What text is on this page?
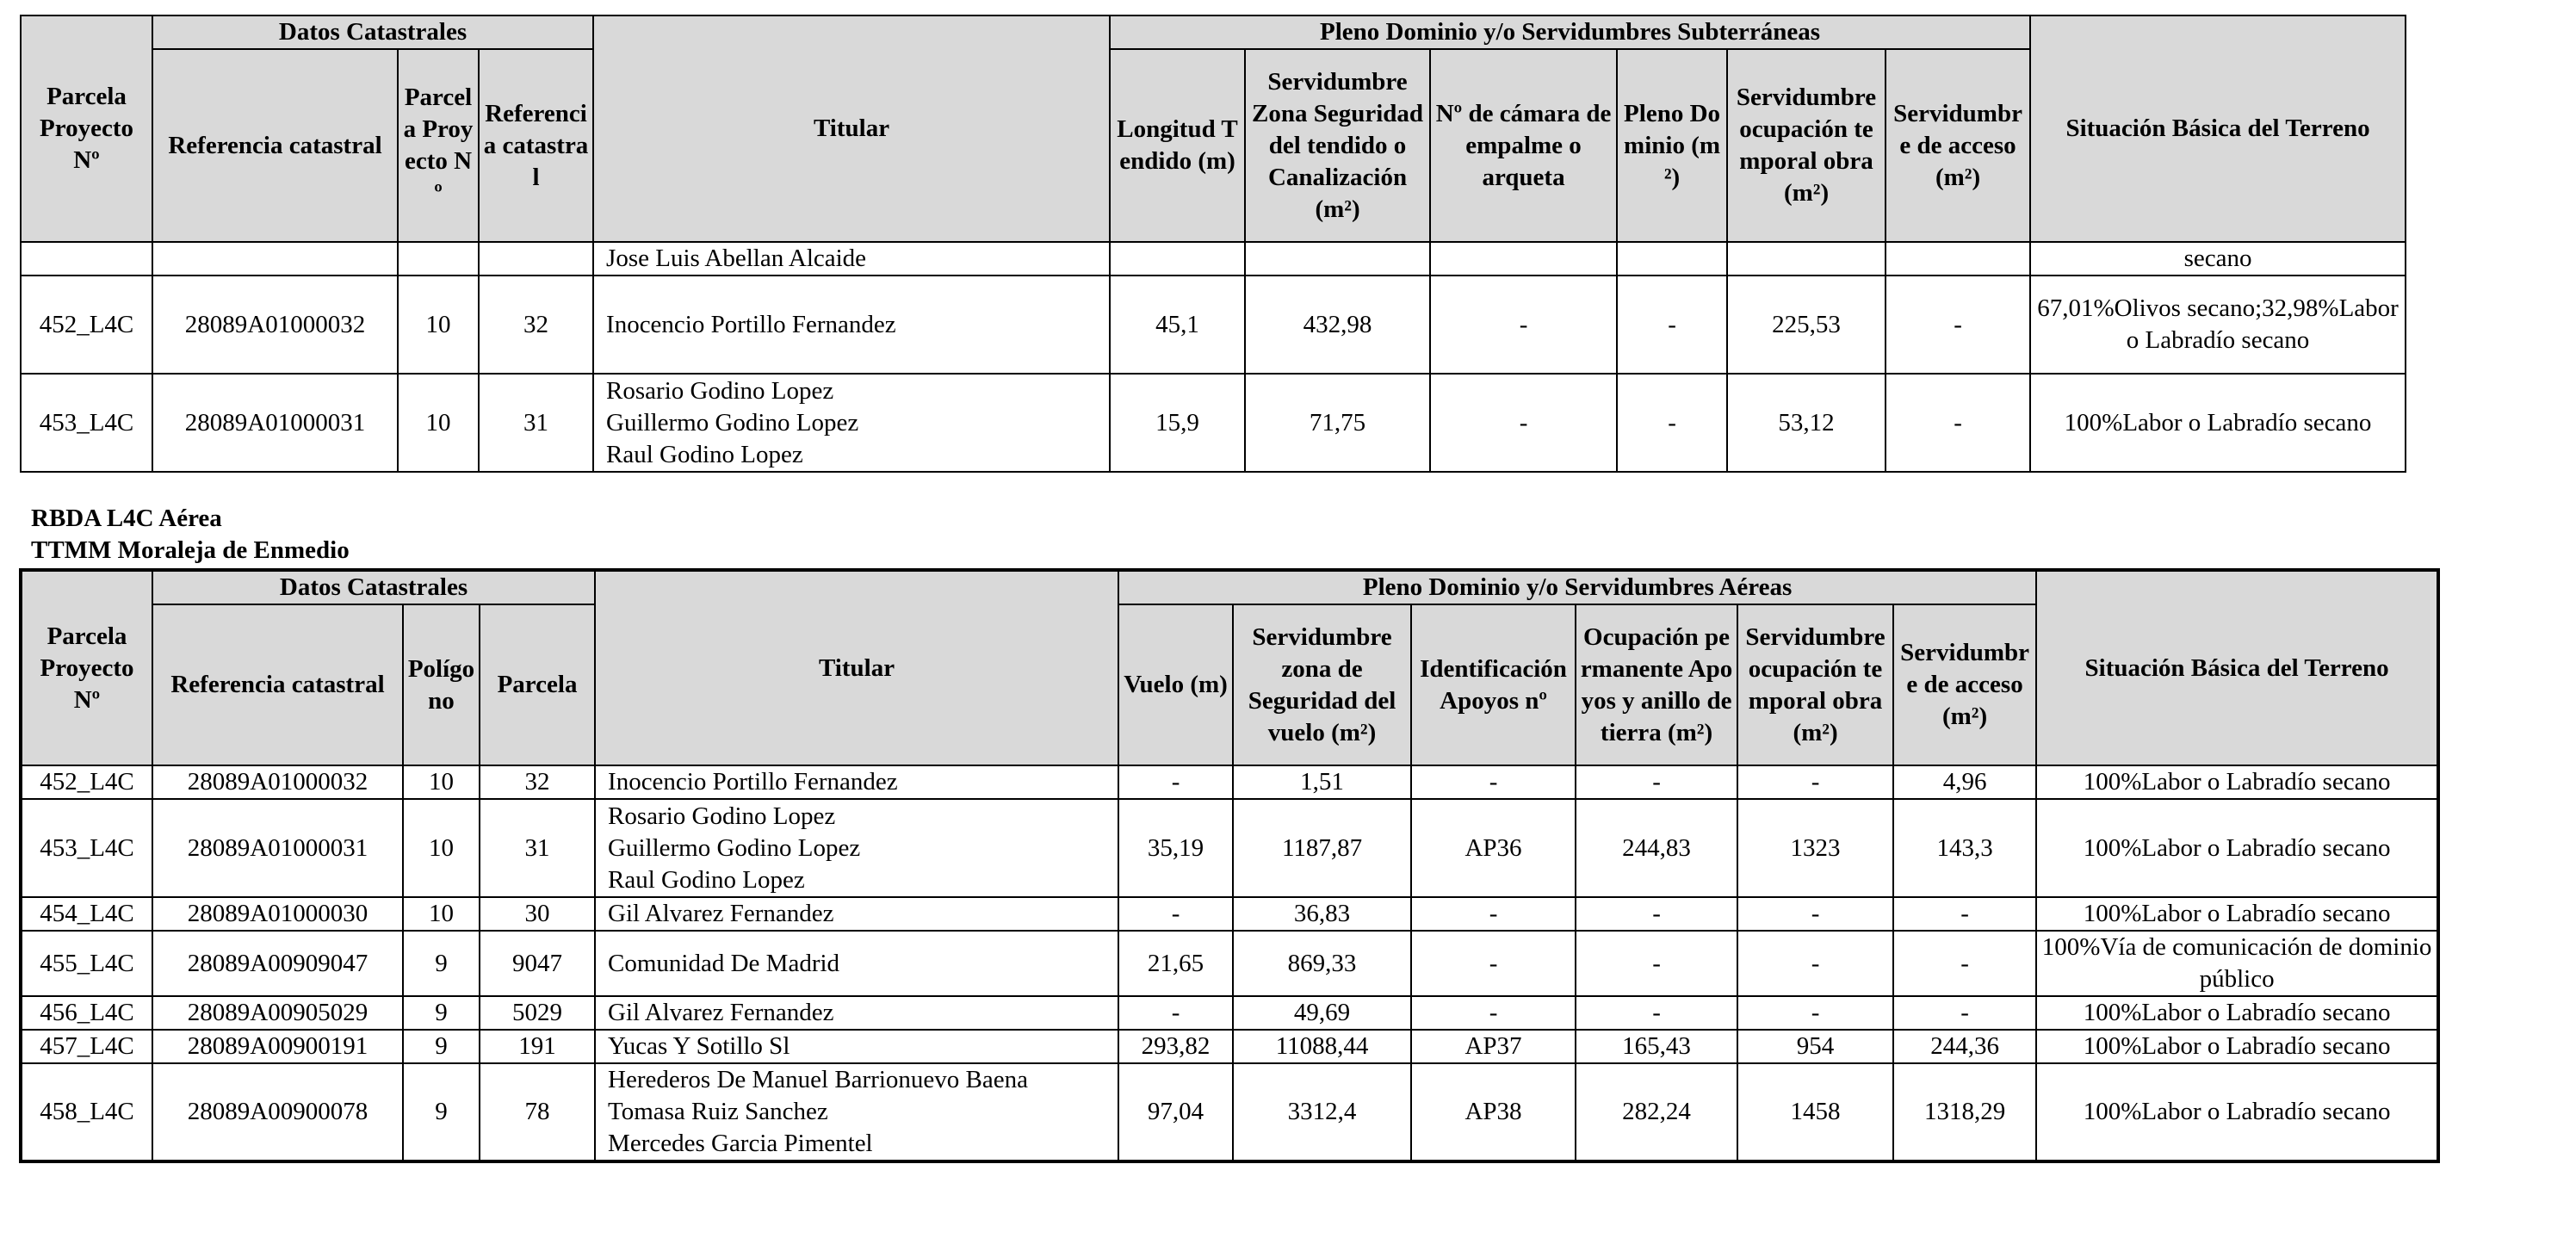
Parcela Proyecto Nº	Datos Catastrales			Titular	Pleno Dominio y/o Servidumbres Subterráneas						Situación Básica del Terreno
	Referencia catastral	Parcela Proyecto Nº	Referencia catastral		Longitud Tendido (m)	Servidumbre Zona Seguridad del tendido o Canalización (m²)	Nº de cámara de empalme o arqueta	Pleno Dominio (m²)	Servidumbre ocupación temporal obra (m²)	Servidumbre de acceso (m²)	
				Jose Luis Abellan Alcaide							secano
452_L4C	28089A01000032	10	32	Inocencio Portillo Fernandez	45,1	432,98	-	-	225,53	-	67,01%Olivos secano;32,98%Labor o Labradío secano
453_L4C	28089A01000031	10	31	Rosario Godino Lopez
Guillermo Godino Lopez
Raul Godino Lopez	15,9	71,75	-	-	53,12	-	100%Labor o Labradío secano
RBDA L4C Aérea
TTMM Moraleja de Enmedio
Parcela Proyecto Nº	Datos Catastrales			Titular	Pleno Dominio y/o Servidumbres Aéreas						Situación Básica del Terreno
	Referencia catastral	Polígono	Parcela		Vuelo (m)	Servidumbre zona de Seguridad del vuelo (m²)	Identificación Apoyos nº	Ocupación permanente Apoyos y anillo de tierra (m²)	Servidumbre ocupación temporal obra (m²)	Servidumbre de acceso (m²)	
452_L4C	28089A01000032	10	32	Inocencio Portillo Fernandez	-	1,51	-	-	-	4,96	100%Labor o Labradío secano
453_L4C	28089A01000031	10	31	Rosario Godino Lopez
Guillermo Godino Lopez
Raul Godino Lopez	35,19	1187,87	AP36	244,83	1323	143,3	100%Labor o Labradío secano
454_L4C	28089A01000030	10	30	Gil Alvarez Fernandez	-	36,83	-	-	-	-	100%Labor o Labradío secano
455_L4C	28089A00909047	9	9047	Comunidad De Madrid	21,65	869,33	-	-	-	-	100%Vía de comunicación de dominio público
456_L4C	28089A00905029	9	5029	Gil Alvarez Fernandez	-	49,69	-	-	-	-	100%Labor o Labradío secano
457_L4C	28089A00900191	9	191	Yucas Y Sotillo Sl	293,82	11088,44	AP37	165,43	954	244,36	100%Labor o Labradío secano
458_L4C	28089A00900078	9	78	Herederos De Manuel Barrionuevo Baena
Tomasa Ruiz Sanchez
Mercedes Garcia Pimentel	97,04	3312,4	AP38	282,24	1458	1318,29	100%Labor o Labradío secano
